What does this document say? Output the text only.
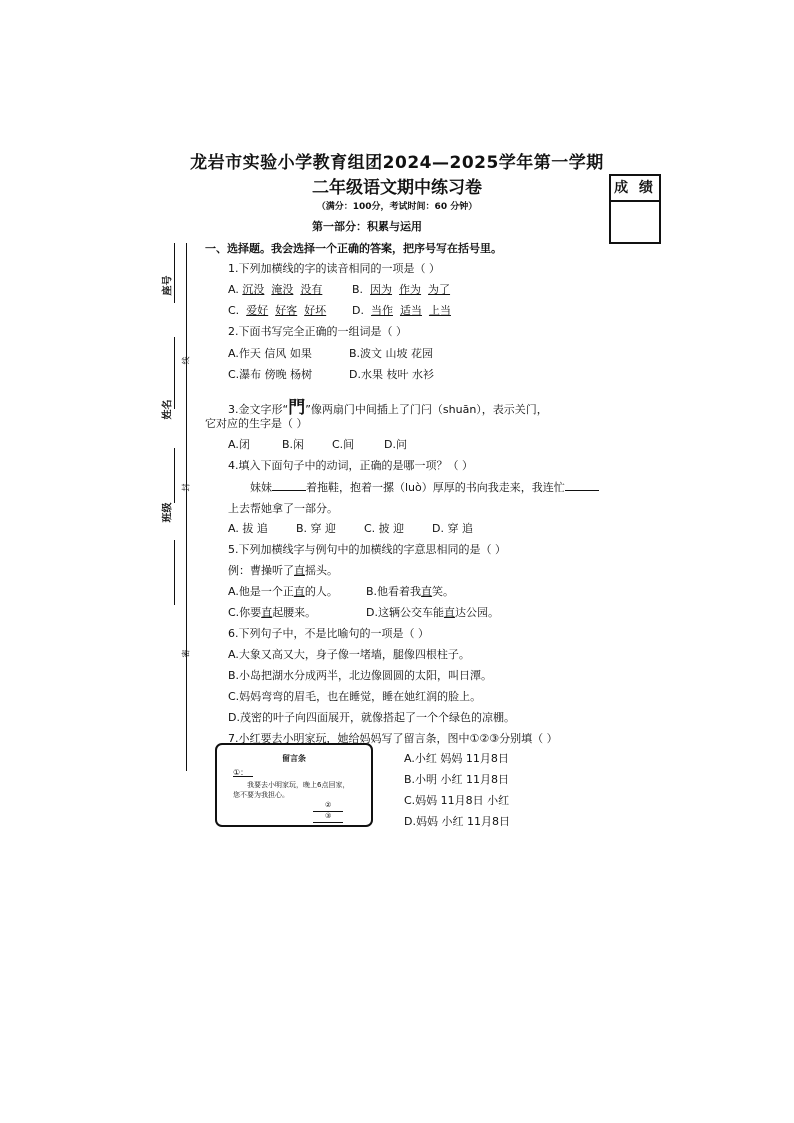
龙岩市实验小学教育组团2024—2025学年第一学期
二年级语文期中练习卷
（满分：100分，考试时间：60 分钟）
第一部分：积累与运用
成 绩
座号
姓名
班级
线
封
密
一、选择题。我会选择一个正确的答案，把序号写在括号里。
1.下列加横线的字的读音相同的一项是（ ）
A. 沉没 淹没 没有	B. 因为 作为 为了
C. 爱好 好客 好坏 D. 当作 适当 上当
2.下面书写完全正确的一组词是（ ）
A.作天 信风 如果	B.波文 山坡 花园
C.瀑布 傍晚 杨树	D.水果 枝叶 水衫
3.金文字形“門”像两扇门中间插上了门闩（shuān），表示关门，
它对应的生字是（ ）
A.闭	B.闲	C.间	D.问
4.填入下面句子中的动词，正确的是哪一项？（ ）
妹妹	着拖鞋，抱着一摞（luò）厚厚的书向我走来，我连忙
上去帮她拿了一部分。
A. 拔 追	B. 穿 迎	C. 披 迎	D. 穿 追
5.下列加横线字与例句中的加横线的字意思相同的是（ ）
例：曹操听了直摇头。
A.他是一个正直的人。	B.他看着我直笑。
C.你要直起腰来。	D.这辆公交车能直达公园。
6.下列句子中，不是比喻句的一项是（ ）
A.大象又高又大，身子像一堵墙，腿像四根柱子。
B.小岛把湖水分成两半，北边像圆圆的太阳，叫日潭。
C.妈妈弯弯的眉毛，也在睡觉，睡在她红润的脸上。
D.茂密的叶子向四面展开，就像搭起了一个个绿色的凉棚。
7.小红要去小明家玩，她给妈妈写了留言条，图中①②③分别填（ ）
留言条
①：
我要去小明家玩，晚上6点回家，
您不要为我担心。
②
③
A.小红 妈妈 11月8日
B.小明 小红 11月8日
C.妈妈 11月8日 小红
D.妈妈 小红 11月8日
